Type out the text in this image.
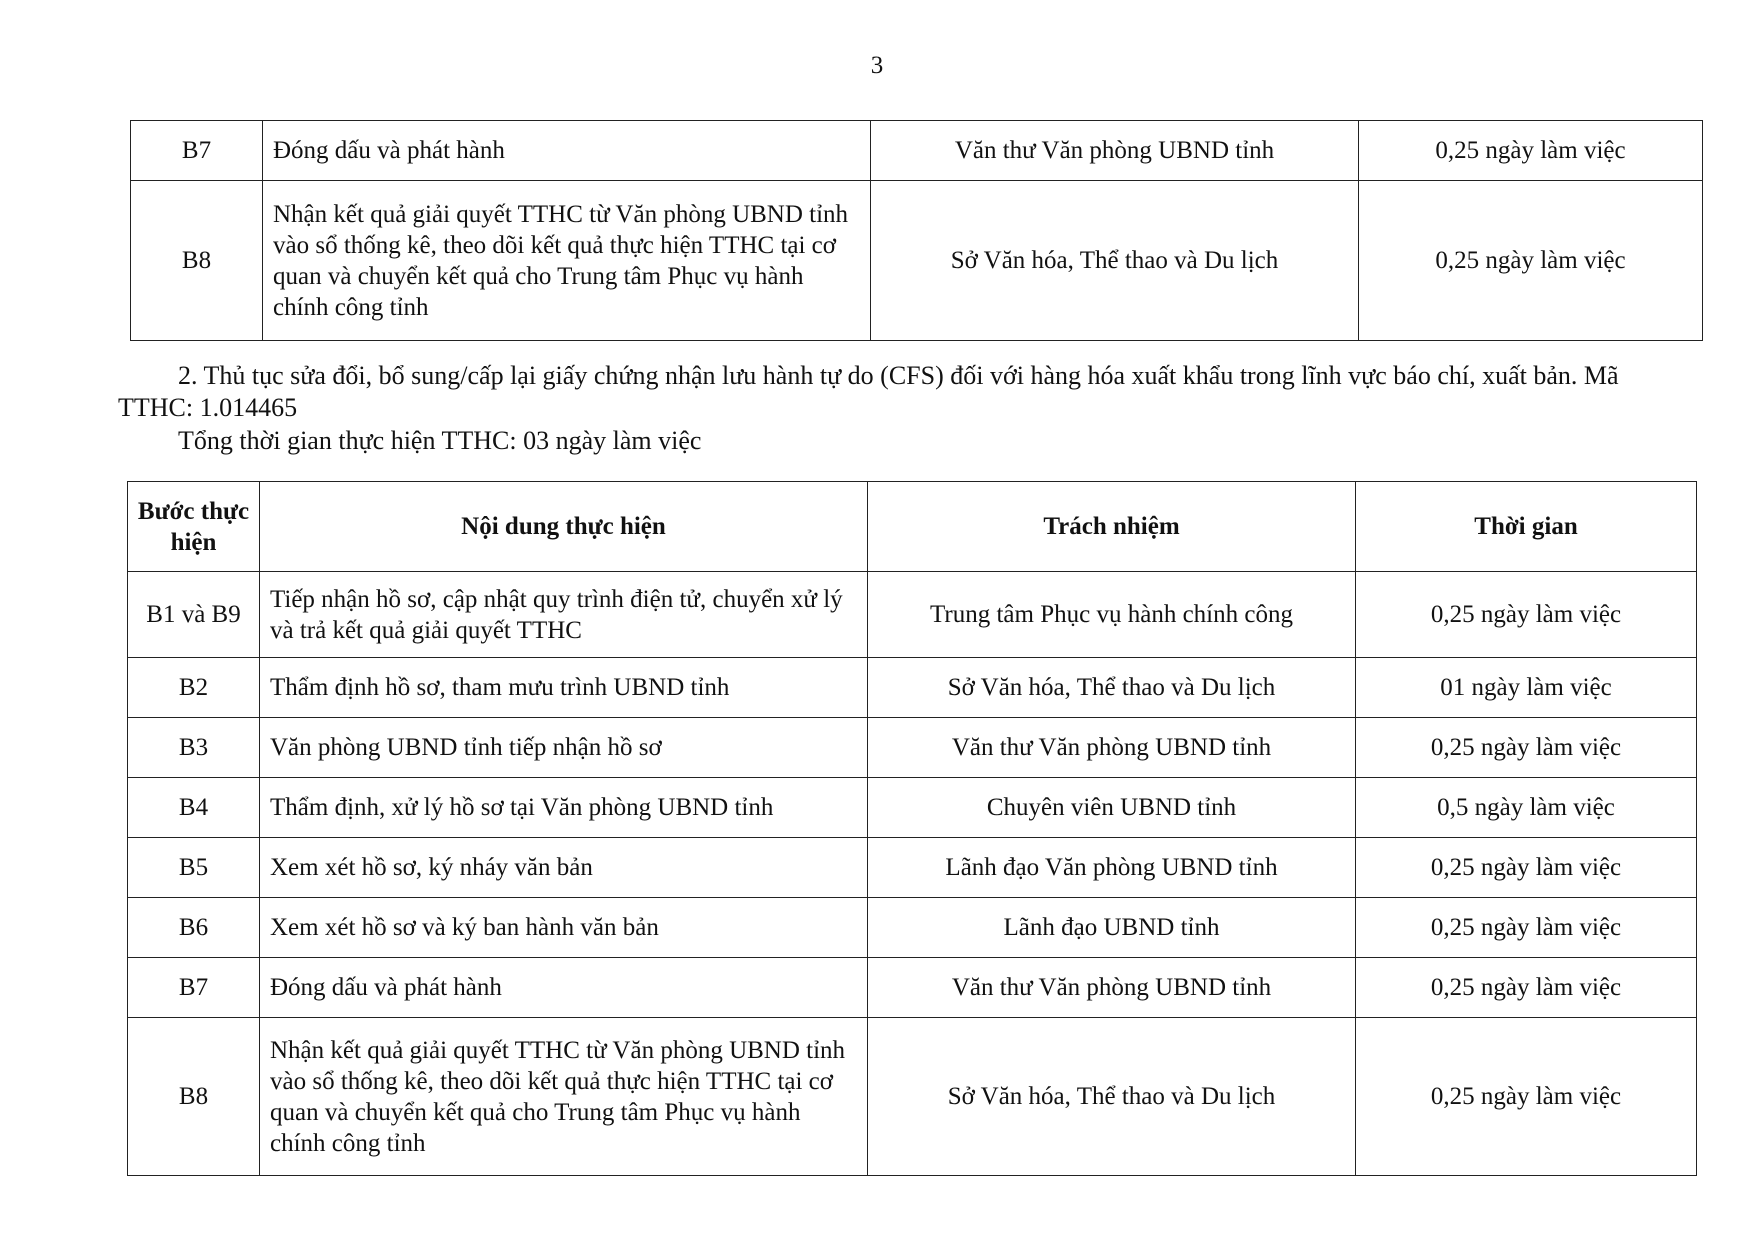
3
B7	Đóng dấu và phát hành	Văn thư Văn phòng UBND tỉnh	0,25 ngày làm việc
B8	Nhận kết quả giải quyết TTHC từ Văn phòng UBND tỉnh vào sổ thống kê, theo dõi kết quả thực hiện TTHC tại cơ quan và chuyển kết quả cho Trung tâm Phục vụ hành chính công tỉnh	Sở Văn hóa, Thể thao và Du lịch	0,25 ngày làm việc
2. Thủ tục sửa đổi, bổ sung/cấp lại giấy chứng nhận lưu hành tự do (CFS) đối với hàng hóa xuất khẩu trong lĩnh vực báo chí, xuất bản. Mã TTHC: 1.014465
Tổng thời gian thực hiện TTHC: 03 ngày làm việc
Bước thực hiện	Nội dung thực hiện	Trách nhiệm	Thời gian
B1 và B9	Tiếp nhận hồ sơ, cập nhật quy trình điện tử, chuyển xử lý và trả kết quả giải quyết TTHC	Trung tâm Phục vụ hành chính công	0,25 ngày làm việc
B2	Thẩm định hồ sơ, tham mưu trình UBND tỉnh	Sở Văn hóa, Thể thao và Du lịch	01 ngày làm việc
B3	Văn phòng UBND tỉnh tiếp nhận hồ sơ	Văn thư Văn phòng UBND tỉnh	0,25 ngày làm việc
B4	Thẩm định, xử lý hồ sơ tại Văn phòng UBND tỉnh	Chuyên viên UBND tỉnh	0,5 ngày làm việc
B5	Xem xét hồ sơ, ký nháy văn bản	Lãnh đạo Văn phòng UBND tỉnh	0,25 ngày làm việc
B6	Xem xét hồ sơ và ký ban hành văn bản	Lãnh đạo UBND tỉnh	0,25 ngày làm việc
B7	Đóng dấu và phát hành	Văn thư Văn phòng UBND tỉnh	0,25 ngày làm việc
B8	Nhận kết quả giải quyết TTHC từ Văn phòng UBND tỉnh vào sổ thống kê, theo dõi kết quả thực hiện TTHC tại cơ quan và chuyển kết quả cho Trung tâm Phục vụ hành chính công tỉnh	Sở Văn hóa, Thể thao và Du lịch	0,25 ngày làm việc
